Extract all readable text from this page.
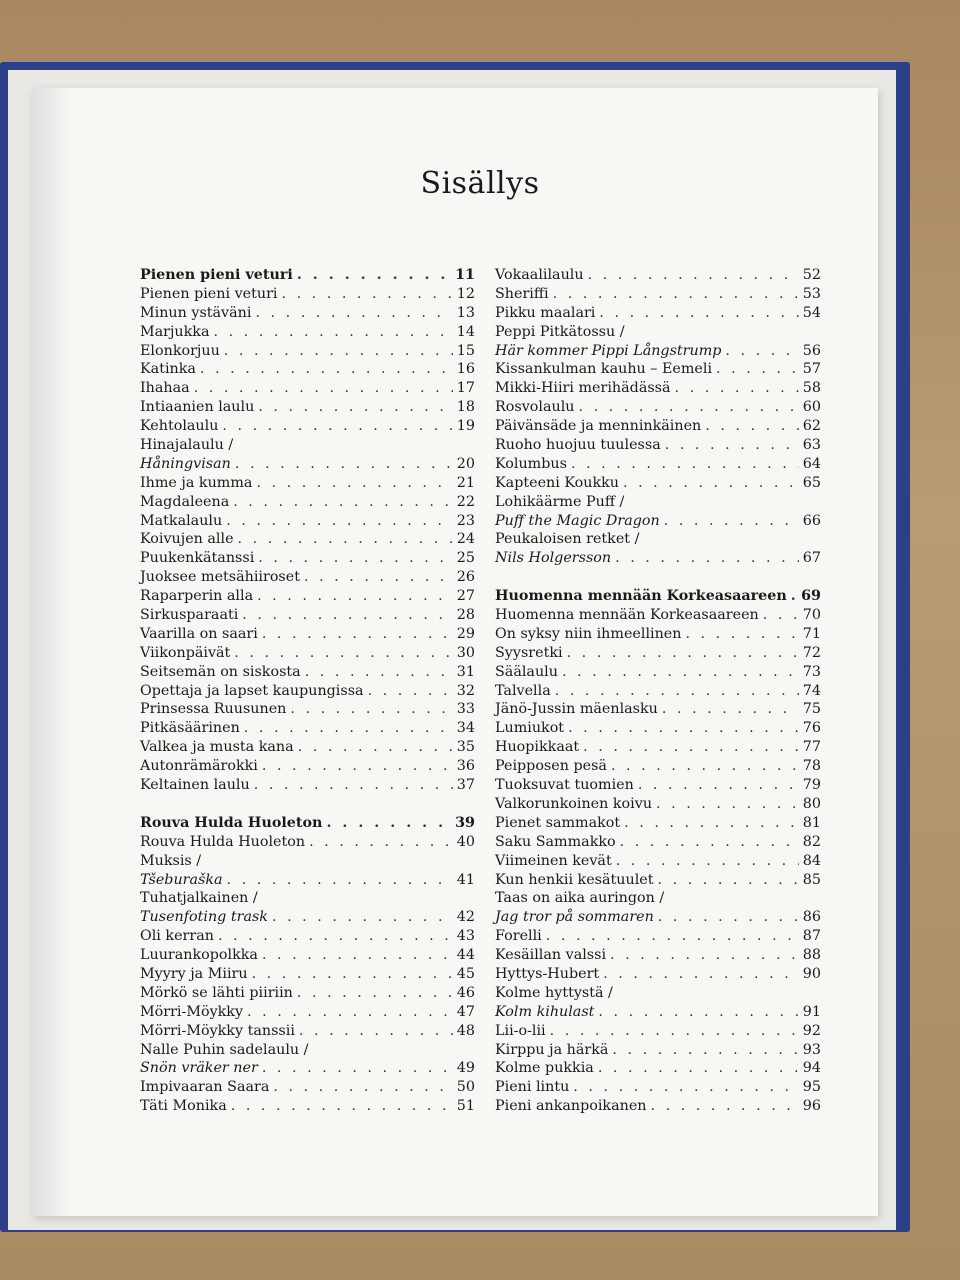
Sisällys
Pienen pieni veturi . . .	11
Pienen pieni veturi . . .	12
Minun ystäväni . . .	13
Marjukka . . .	14
Elonkorjuu . . .	15
Katinka . . .	16
Ihahaa . . .	17
Intiaanien laulu . . .	18
Kehtolaulu . . .	19
Hinajalaulu /
Håningvisan . . .	20
Ihme ja kumma . . .	21
Magdaleena . . .	22
Matkalaulu . . .	23
Koivujen alle . . .	24
Puukenkätanssi . . .	25
Juoksee metsähiiroset . . .	26
Raparperin alla . . .	27
Sirkusparaati . . .	28
Vaarilla on saari . . .	29
Viikonpäivät . . .	30
Seitsemän on siskosta . . .	31
Opettaja ja lapset kaupungissa . . .	32
Prinsessa Ruusunen . . .	33
Pitkäsäärinen . . .	34
Valkea ja musta kana . . .	35
Autonrämärokki . . .	36
Keltainen laulu . . .	37
Rouva Hulda Huoleton . . .	39
Rouva Hulda Huoleton . . .	40
Muksis /
Tšeburaška . . .	41
Tuhatjalkainen /
Tusenfoting trask . . .	42
Oli kerran . . .	43
Luurankopolkka . . .	44
Myyry ja Miiru . . .	45
Mörkö se lähti piiriin . . .	46
Mörri-Möykky . . .	47
Mörri-Möykky tanssii . . .	48
Nalle Puhin sadelaulu /
Snön vräker ner . . .	49
Impivaaran Saara . . .	50
Täti Monika . . .	51
Vokaalilaulu . . .	52
Sheriffi . . .	53
Pikku maalari . . .	54
Peppi Pitkätossu /
Här kommer Pippi Långstrump . . .	56
Kissankulman kauhu – Eemeli . . .	57
Mikki-Hiiri merihädässä . . .	58
Rosvolaulu . . .	60
Päivänsäde ja menninkäinen . . .	62
Ruoho huojuu tuulessa . . .	63
Kolumbus . . .	64
Kapteeni Koukku . . .	65
Lohikäärme Puff /
Puff the Magic Dragon . . .	66
Peukaloisen retket /
Nils Holgersson . . .	67
Huomenna mennään Korkeasaareen . . . 69
Huomenna mennään Korkeasaareen . . .	70
On syksy niin ihmeellinen . . .	71
Syysretki . . .	72
Säälaulu . . .	73
Talvella . . .	74
Jänö-Jussin mäenlasku . . .	75
Lumiukot . . .	76
Huopikkaat . . .	77
Peipposen pesä . . .	78
Tuoksuvat tuomien . . .	79
Valkorunkoinen koivu . . .	80
Pienet sammakot . . .	81
Saku Sammakko . . .	82
Viimeinen kevät . . .	84
Kun henkii kesätuulet . . .	85
Taas on aika auringon /
Jag tror på sommaren . . .	86
Forelli . . .	87
Kesäillan valssi . . .	88
Hyttys-Hubert . . .	90
Kolme hyttystä /
Kolm kihulast . . .	91
Lii-o-lii . . .	92
Kirppu ja härkä . . .	93
Kolme pukkia . . .	94
Pieni lintu . . .	95
Pieni ankanpoikanen . . .	96
